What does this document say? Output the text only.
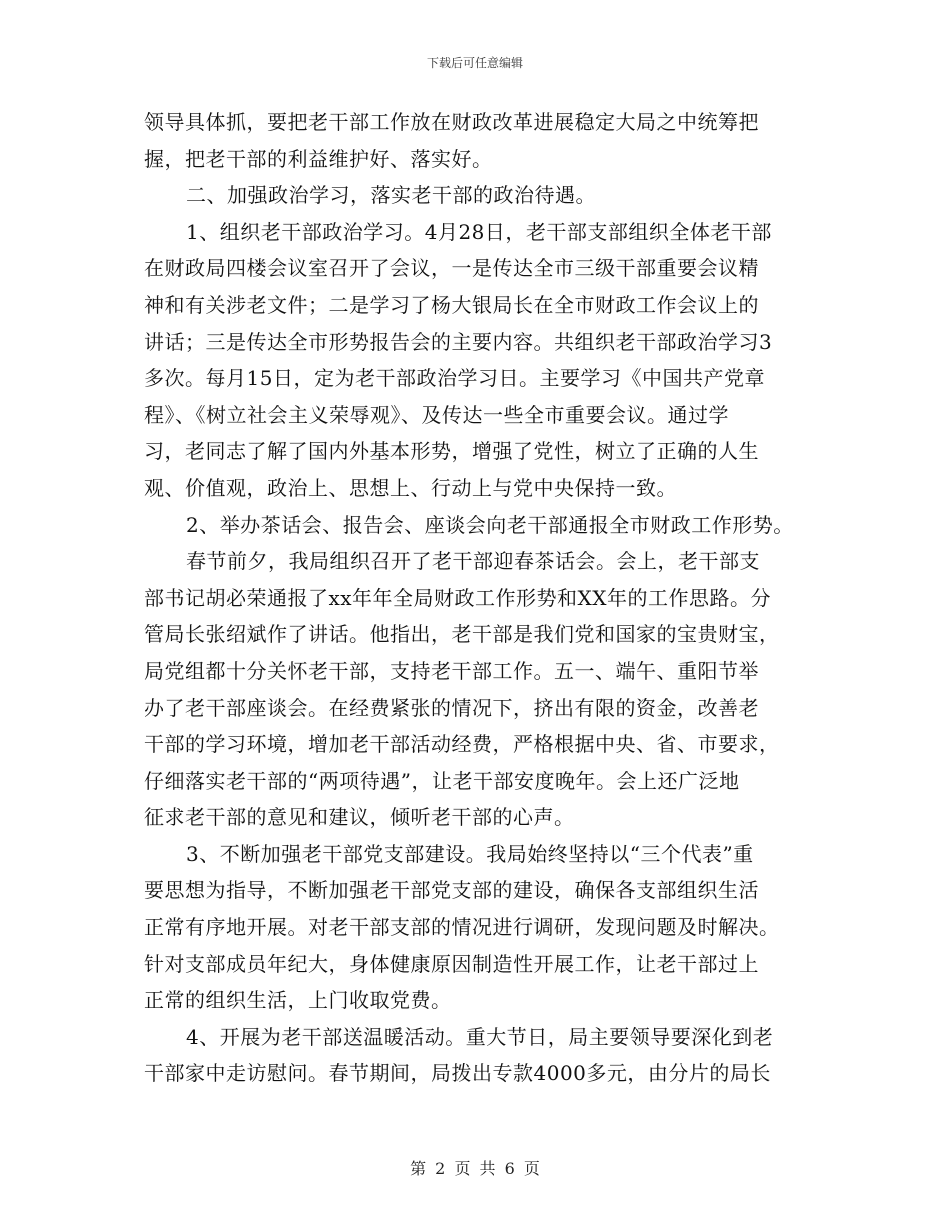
下载后可任意编辑
领导具体抓，要把老干部工作放在财政改革进展稳定大局之中统筹把
握，把老干部的利益维护好、落实好。
二、加强政治学习，落实老干部的政治待遇。
1、组织老干部政治学习。4月28日，老干部支部组织全体老干部
在财政局四楼会议室召开了会议，一是传达全市三级干部重要会议精
神和有关涉老文件；二是学习了杨大银局长在全市财政工作会议上的
讲话；三是传达全市形势报告会的主要内容。共组织老干部政治学习3
多次。每月15日，定为老干部政治学习日。主要学习《中国共产党章
程》、《树立社会主义荣辱观》、及传达一些全市重要会议。通过学
习，老同志了解了国内外基本形势，增强了党性，树立了正确的人生
观、价值观，政治上、思想上、行动上与党中央保持一致。
2、举办茶话会、报告会、座谈会向老干部通报全市财政工作形势。
春节前夕，我局组织召开了老干部迎春茶话会。会上，老干部支
部书记胡必荣通报了xx年年全局财政工作形势和XX年的工作思路。分
管局长张绍斌作了讲话。他指出，老干部是我们党和国家的宝贵财宝，
局党组都十分关怀老干部，支持老干部工作。五一、端午、重阳节举
办了老干部座谈会。在经费紧张的情况下，挤出有限的资金，改善老
干部的学习环境，增加老干部活动经费，严格根据中央、省、市要求，
仔细落实老干部的“两项待遇”，让老干部安度晚年。会上还广泛地
征求老干部的意见和建议，倾听老干部的心声。
3、不断加强老干部党支部建设。我局始终坚持以“三个代表”重
要思想为指导，不断加强老干部党支部的建设，确保各支部组织生活
正常有序地开展。对老干部支部的情况进行调研，发现问题及时解决。
针对支部成员年纪大，身体健康原因制造性开展工作，让老干部过上
正常的组织生活，上门收取党费。
4、开展为老干部送温暖活动。重大节日，局主要领导要深化到老
干部家中走访慰问。春节期间，局拨出专款4000多元，由分片的局长
第 2 页 共 6 页
